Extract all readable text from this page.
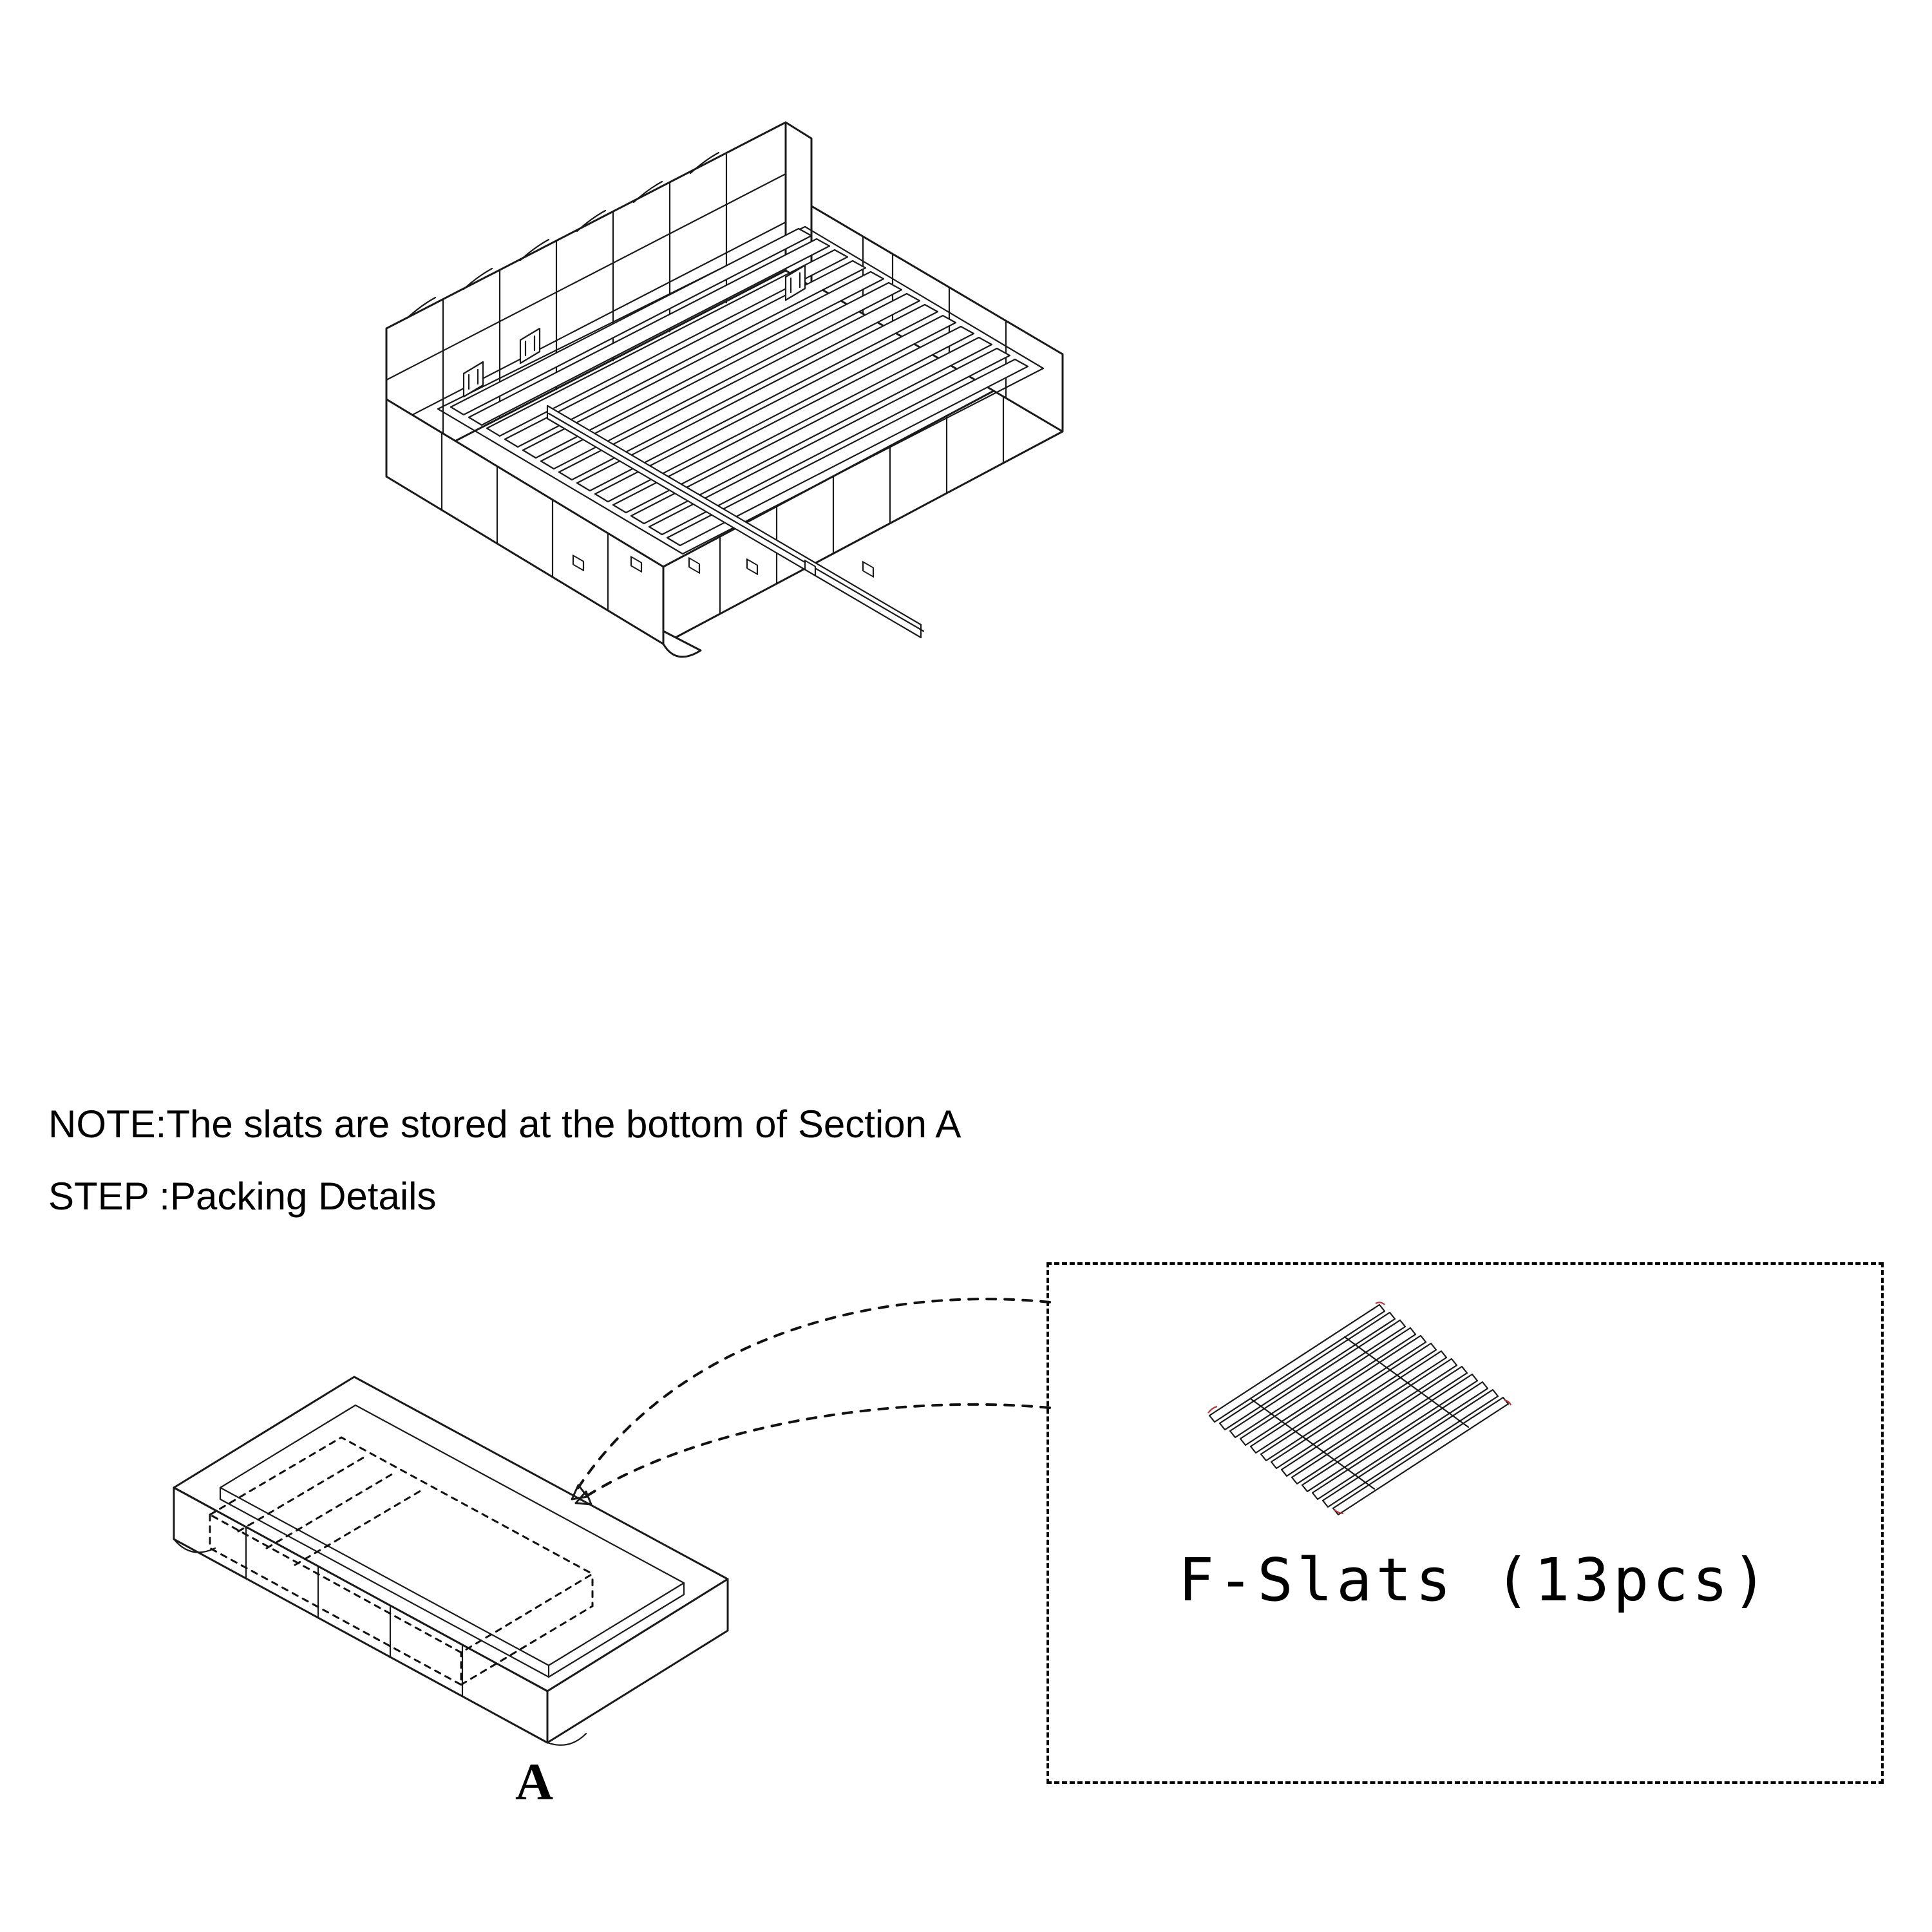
NOTE:The slats are stored at the bottom of Section A
STEP :Packing Details
F-Slats (13pcs)
A
